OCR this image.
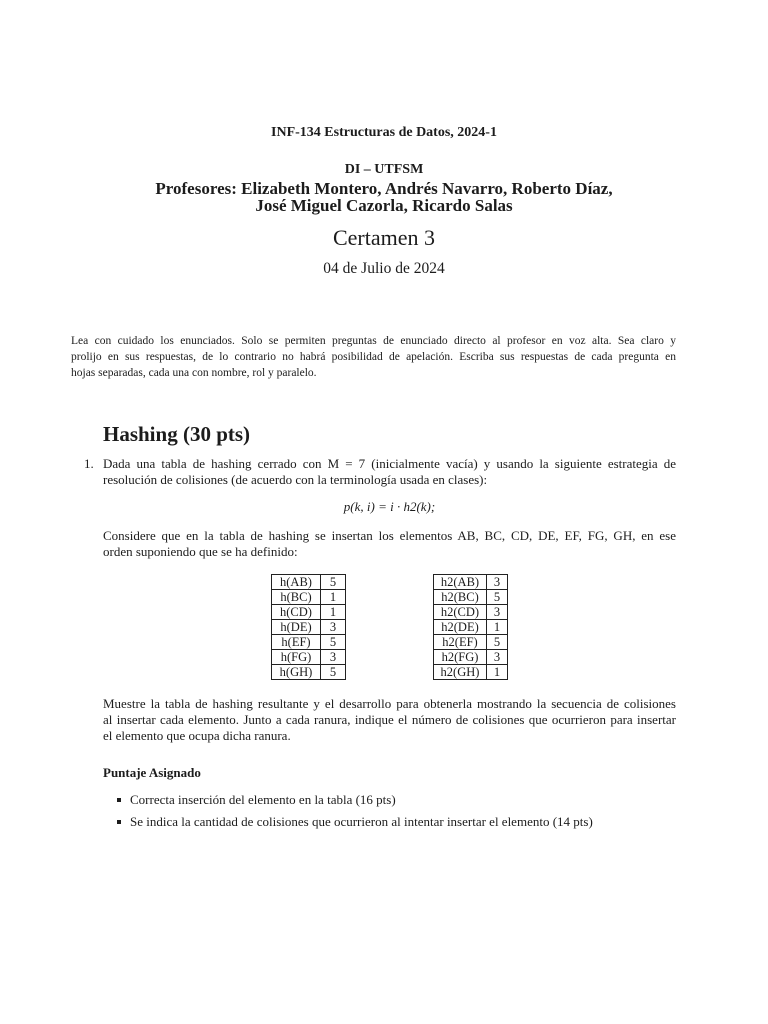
INF-134 Estructuras de Datos, 2024-1
DI – UTFSM
Profesores: Elizabeth Montero, Andrés Navarro, Roberto Díaz,
José Miguel Cazorla, Ricardo Salas
Certamen 3
04 de Julio de 2024
Lea con cuidado los enunciados. Solo se permiten preguntas de enunciado directo al profesor en voz alta. Sea claro y
prolijo en sus respuestas, de lo contrario no habrá posibilidad de apelación. Escriba sus respuestas de cada pregunta en
hojas separadas, cada una con nombre, rol y paralelo.
Hashing (30 pts)
1. Dada una tabla de hashing cerrado con M = 7 (inicialmente vacía) y usando la siguiente estrategia de
resolución de colisiones (de acuerdo con la terminología usada en clases):
p(k, i) = i · h2(k);
Considere que en la tabla de hashing se insertan los elementos AB, BC, CD, DE, EF, FG, GH, en ese
orden suponiendo que se ha definido:
h(AB)	5
h(BC)	1
h(CD)	1
h(DE)	3
h(EF)	5
h(FG)	3
h(GH)	5
h2(AB)	3
h2(BC)	5
h2(CD)	3
h2(DE)	1
h2(EF)	5
h2(FG)	3
h2(GH)	1
Muestre la tabla de hashing resultante y el desarrollo para obtenerla mostrando la secuencia de colisiones
al insertar cada elemento. Junto a cada ranura, indique el número de colisiones que ocurrieron para insertar
el elemento que ocupa dicha ranura.
Puntaje Asignado
Correcta inserción del elemento en la tabla (16 pts)
Se indica la cantidad de colisiones que ocurrieron al intentar insertar el elemento (14 pts)
